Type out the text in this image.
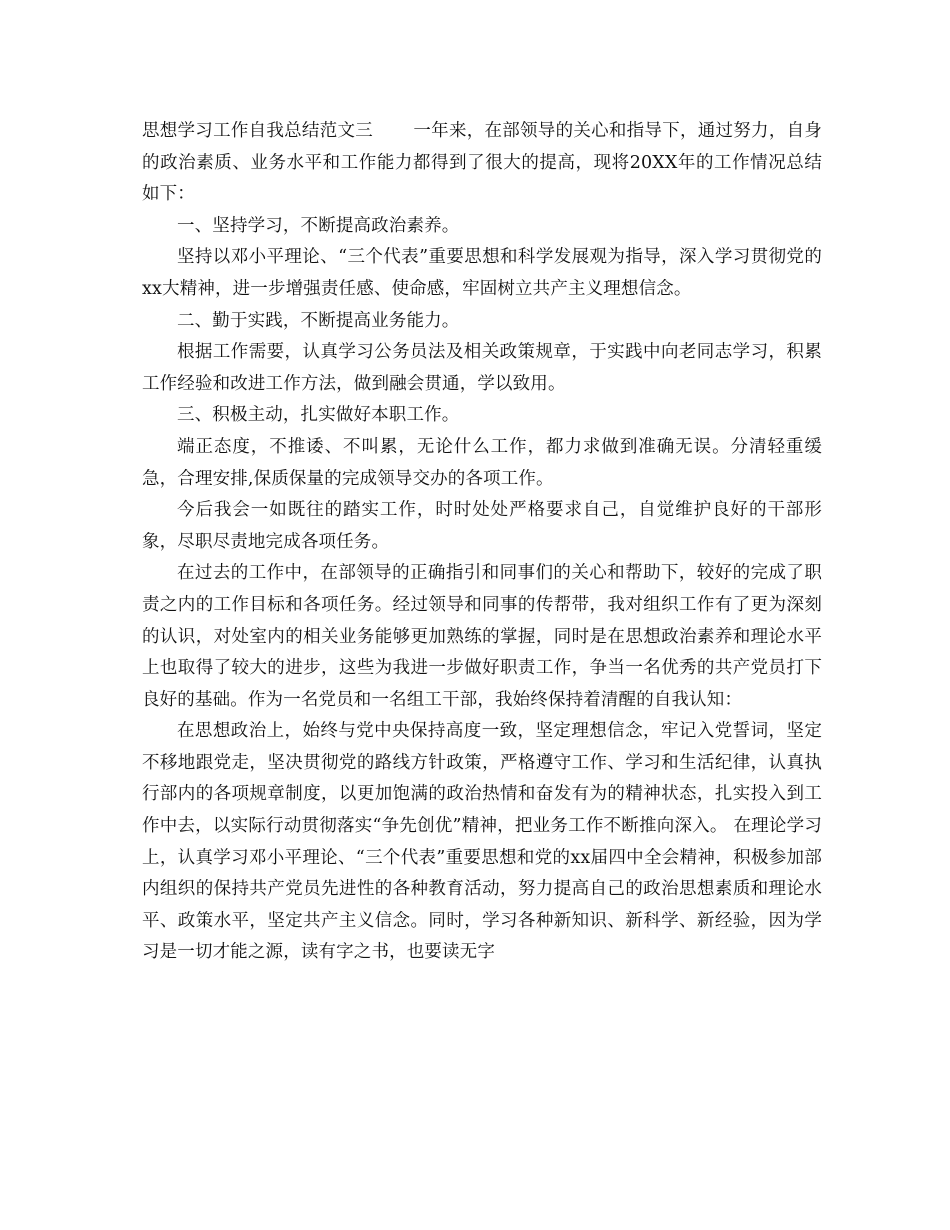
思想学习工作自我总结范文三 一年来，在部领导的关心和指导下，通过努力，自身的政治素质、业务水平和工作能力都得到了很大的提高，现将20XX年的工作情况总结如下：

一、坚持学习，不断提高政治素养。

坚持以邓小平理论、“三个代表”重要思想和科学发展观为指导，深入学习贯彻党的xx大精神，进一步增强责任感、使命感，牢固树立共产主义理想信念。

二、勤于实践，不断提高业务能力。

根据工作需要，认真学习公务员法及相关政策规章，于实践中向老同志学习，积累工作经验和改进工作方法，做到融会贯通，学以致用。

三、积极主动，扎实做好本职工作。

端正态度，不推诿、不叫累，无论什么工作，都力求做到准确无误。分清轻重缓急，合理安排,保质保量的完成领导交办的各项工作。

今后我会一如既往的踏实工作，时时处处严格要求自己，自觉维护良好的干部形象，尽职尽责地完成各项任务。

在过去的工作中，在部领导的正确指引和同事们的关心和帮助下，较好的完成了职责之内的工作目标和各项任务。经过领导和同事的传帮带，我对组织工作有了更为深刻的认识，对处室内的相关业务能够更加熟练的掌握，同时是在思想政治素养和理论水平上也取得了较大的进步，这些为我进一步做好职责工作，争当一名优秀的共产党员打下良好的基础。作为一名党员和一名组工干部，我始终保持着清醒的自我认知：

在思想政治上，始终与党中央保持高度一致，坚定理想信念，牢记入党誓词，坚定不移地跟党走，坚决贯彻党的路线方针政策，严格遵守工作、学习和生活纪律，认真执行部内的各项规章制度，以更加饱满的政治热情和奋发有为的精神状态，扎实投入到工作中去，以实际行动贯彻落实“争先创优”精神，把业务工作不断推向深入。 在理论学习上，认真学习邓小平理论、“三个代表”重要思想和党的xx届四中全会精神，积极参加部内组织的保持共产党员先进性的各种教育活动，努力提高自己的政治思想素质和理论水平、政策水平，坚定共产主义信念。同时，学习各种新知识、新科学、新经验，因为学习是一切才能之源，读有字之书，也要读无字
